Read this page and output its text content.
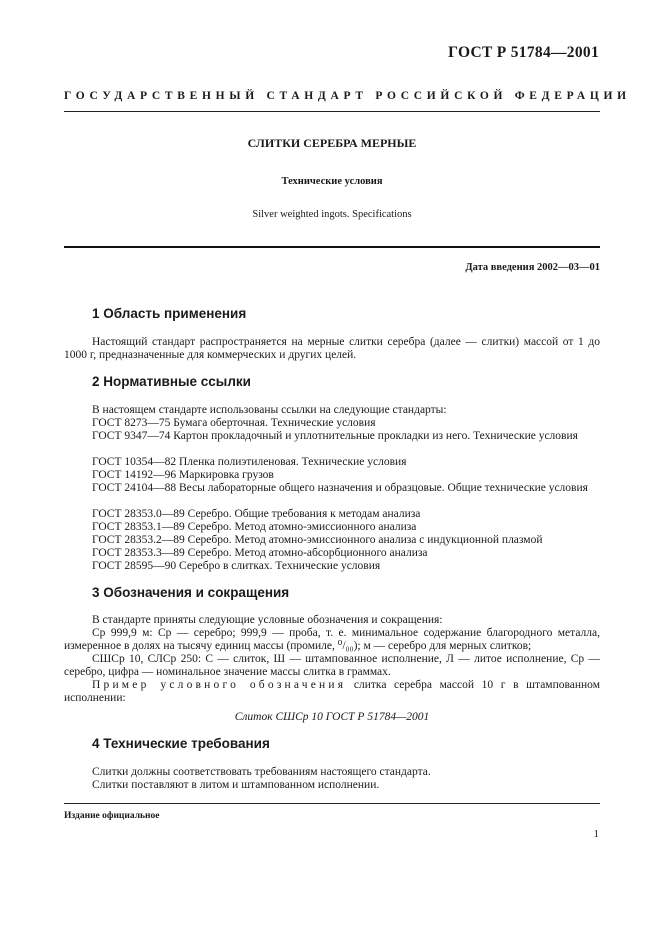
ГОСТ Р 51784—2001
ГОСУДАРСТВЕННЫЙ СТАНДАРТ РОССИЙСКОЙ ФЕДЕРАЦИИ
СЛИТКИ СЕРЕБРА МЕРНЫЕ
Технические условия
Silver weighted ingots. Specifications
Дата введения 2002—03—01
1 Область применения
Настоящий стандарт распространяется на мерные слитки серебра (далее — слитки) массой от 1 до 1000 г, предназначенные для коммерческих и других целей.
2 Нормативные ссылки
В настоящем стандарте использованы ссылки на следующие стандарты:
ГОСТ 8273—75 Бумага оберточная. Технические условия
ГОСТ 9347—74 Картон прокладочный и уплотнительные прокладки из него. Технические условия
ГОСТ 10354—82 Пленка полиэтиленовая. Технические условия
ГОСТ 14192—96 Маркировка грузов
ГОСТ 24104—88 Весы лабораторные общего назначения и образцовые. Общие технические условия
ГОСТ 28353.0—89 Серебро. Общие требования к методам анализа
ГОСТ 28353.1—89 Серебро. Метод атомно-эмиссионного анализа
ГОСТ 28353.2—89 Серебро. Метод атомно-эмиссионного анализа с индукционной плазмой
ГОСТ 28353.3—89 Серебро. Метод атомно-абсорбционного анализа
ГОСТ 28595—90 Серебро в слитках. Технические условия
3 Обозначения и сокращения
В стандарте приняты следующие условные обозначения и сокращения:
Ср 999,9 м: Ср — серебро; 999,9 — проба, т. е. минимальное содержание благородного металла, измеренное в долях на тысячу единиц массы (промиле, ⁰/₀₀); м — серебро для мерных слитков;
СШСр 10, СЛСр 250: С — слиток, Ш — штампованное исполнение, Л — литое исполнение, Ср — серебро, цифра — номинальное значение массы слитка в граммах.
Пример условного обозначения слитка серебра массой 10 г в штампованном исполнении:
Слиток СШСр 10 ГОСТ Р 51784—2001
4 Технические требования
Слитки должны соответствовать требованиям настоящего стандарта.
Слитки поставляют в литом и штампованном исполнении.
Издание официальное
1
